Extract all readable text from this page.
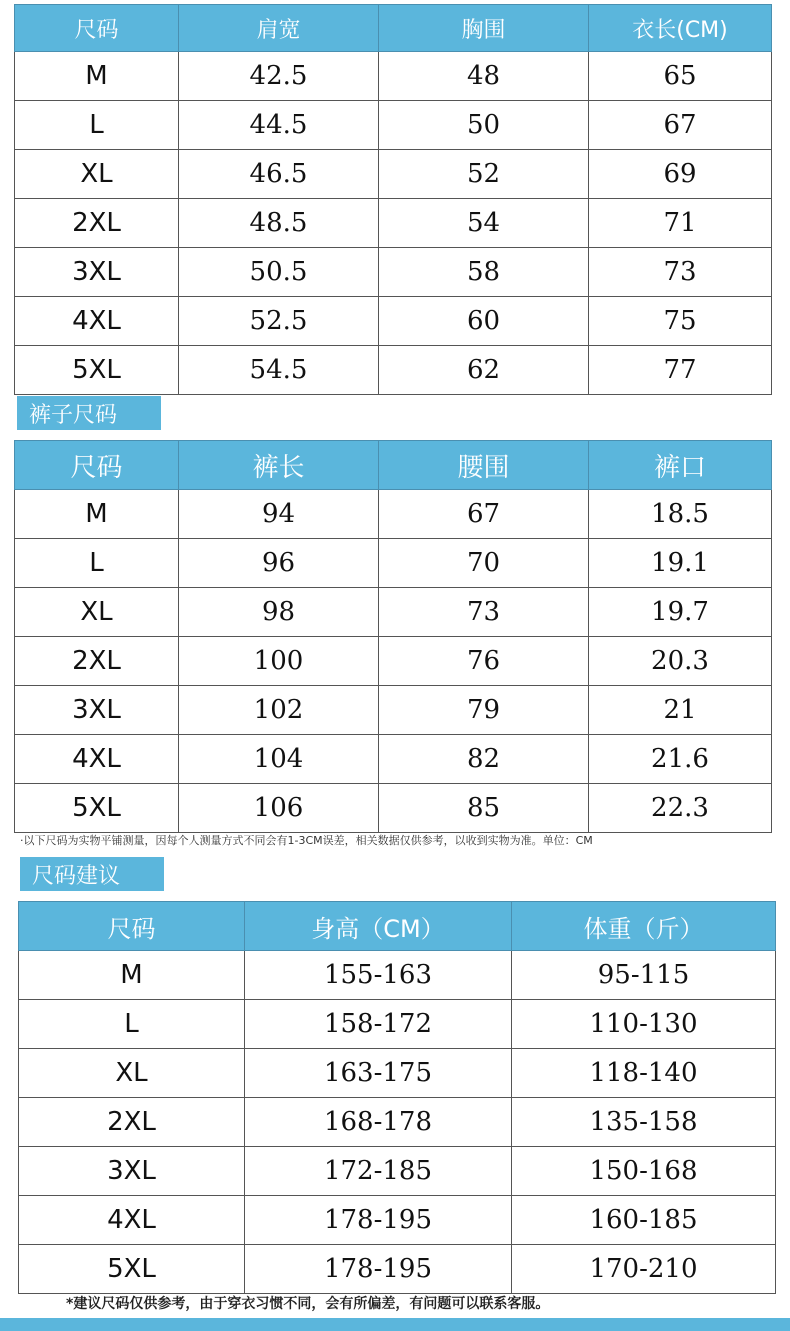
尺码	肩宽	胸围	衣长(CM)
M	42.5	48	65
L	44.5	50	67
XL	46.5	52	69
2XL	48.5	54	71
3XL	50.5	58	73
4XL	52.5	60	75
5XL	54.5	62	77
裤子尺码
尺码	裤长	腰围	裤口
M	94	67	18.5
L	96	70	19.1
XL	98	73	19.7
2XL	100	76	20.3
3XL	102	79	21
4XL	104	82	21.6
5XL	106	85	22.3
·以下尺码为实物平铺测量，因每个人测量方式不同会有1-3CM误差，相关数据仅供参考，以收到实物为准。单位：CM
尺码建议
尺码	身高（CM）	体重（斤）
M	155-163	95-115
L	158-172	110-130
XL	163-175	118-140
2XL	168-178	135-158
3XL	172-185	150-168
4XL	178-195	160-185
5XL	178-195	170-210
*建议尺码仅供参考，由于穿衣习惯不同，会有所偏差，有问题可以联系客服。
